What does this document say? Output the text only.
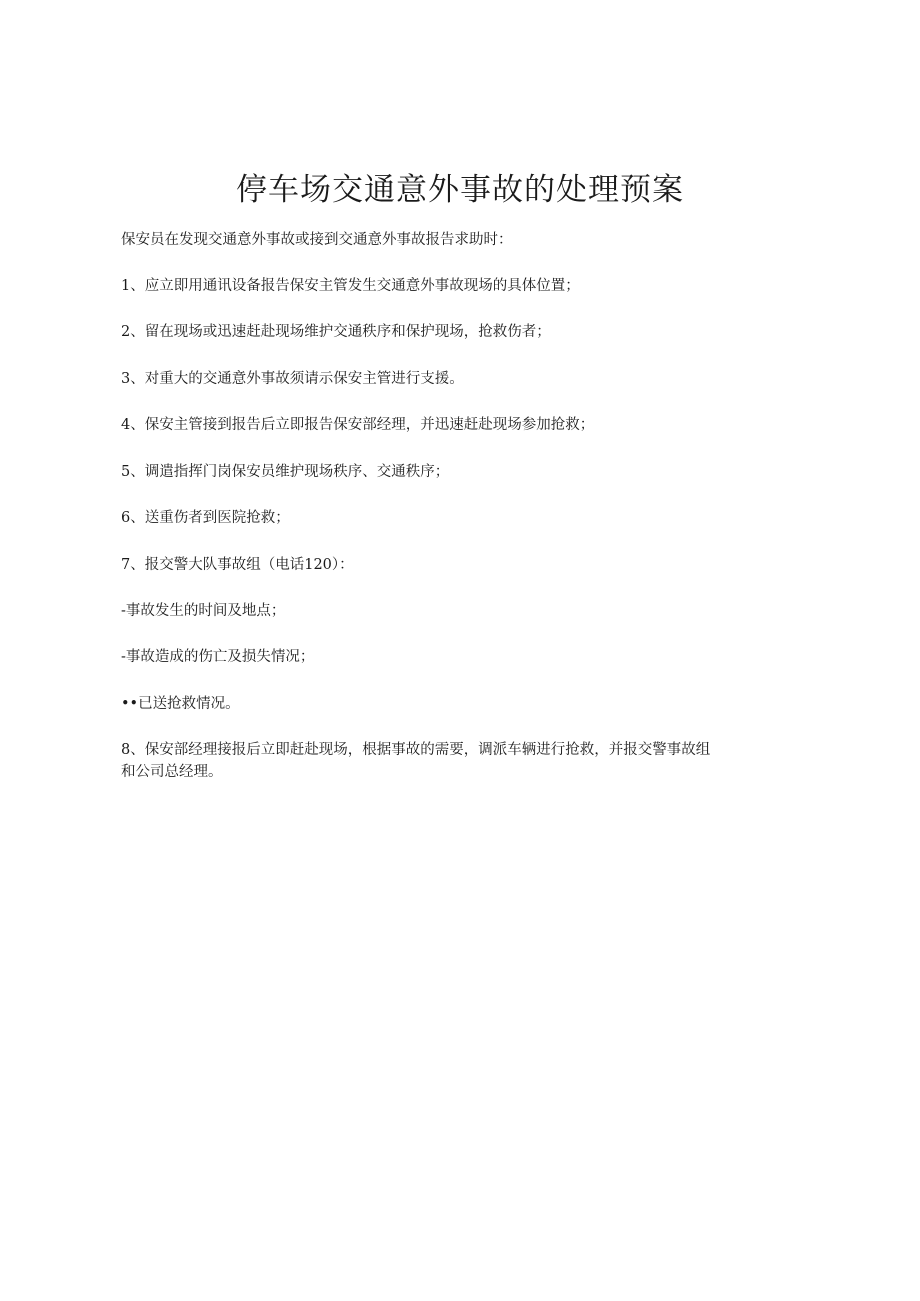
停车场交通意外事故的处理预案

保安员在发现交通意外事故或接到交通意外事故报告求助时：

1、应立即用通讯设备报告保安主管发生交通意外事故现场的具体位置；

2、留在现场或迅速赶赴现场维护交通秩序和保护现场，抢救伤者；

3、对重大的交通意外事故须请示保安主管进行支援。

4、保安主管接到报告后立即报告保安部经理，并迅速赶赴现场参加抢救；

5、调遣指挥门岗保安员维护现场秩序、交通秩序；

6、送重伤者到医院抢救；

7、报交警大队事故组（电话120）：

-事故发生的时间及地点；

-事故造成的伤亡及损失情况；

••已送抢救情况。

8、保安部经理接报后立即赶赴现场，根据事故的需要，调派车辆进行抢救，并报交警事故组和公司总经理。
